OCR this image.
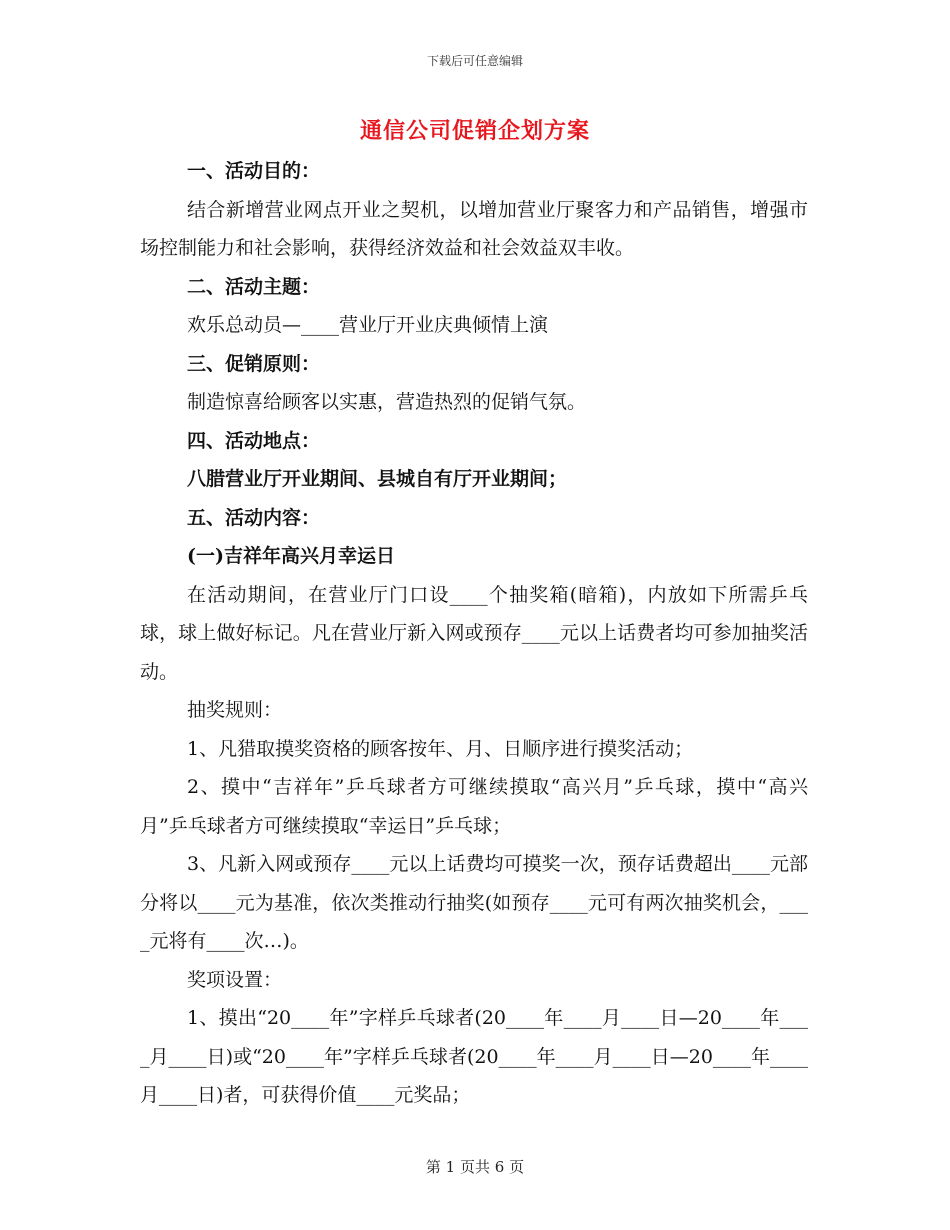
下载后可任意编辑
通信公司促销企划方案

一、活动目的：

结合新增营业网点开业之契机，以增加营业厅聚客力和产品销售，增强市场控制能力和社会影响，获得经济效益和社会效益双丰收。

二、活动主题：

欢乐总动员—____营业厅开业庆典倾情上演

三、促销原则：

制造惊喜给顾客以实惠，营造热烈的促销气氛。

四、活动地点：

八腊营业厅开业期间、县城自有厅开业期间；

五、活动内容：

(一)吉祥年高兴月幸运日

在活动期间，在营业厅门口设____个抽奖箱(暗箱)，内放如下所需乒乓球，球上做好标记。凡在营业厅新入网或预存____元以上话费者均可参加抽奖活动。

抽奖规则：

1、凡猎取摸奖资格的顾客按年、月、日顺序进行摸奖活动；

2、摸中“吉祥年”乒乓球者方可继续摸取“高兴月”乒乓球，摸中“高兴月”乒乓球者方可继续摸取“幸运日”乒乓球；

3、凡新入网或预存____元以上话费均可摸奖一次，预存话费超出____元部分将以____元为基准，依次类推动行抽奖(如预存____元可有两次抽奖机会，____元将有____次…)。

奖项设置：

1、摸出“20____年”字样乒乓球者(20____年____月____日—20____年____月____日)或“20____年”字样乒乓球者(20____年____月____日—20____年____月____日)者，可获得价值____元奖品；

第 1 页共 6 页
